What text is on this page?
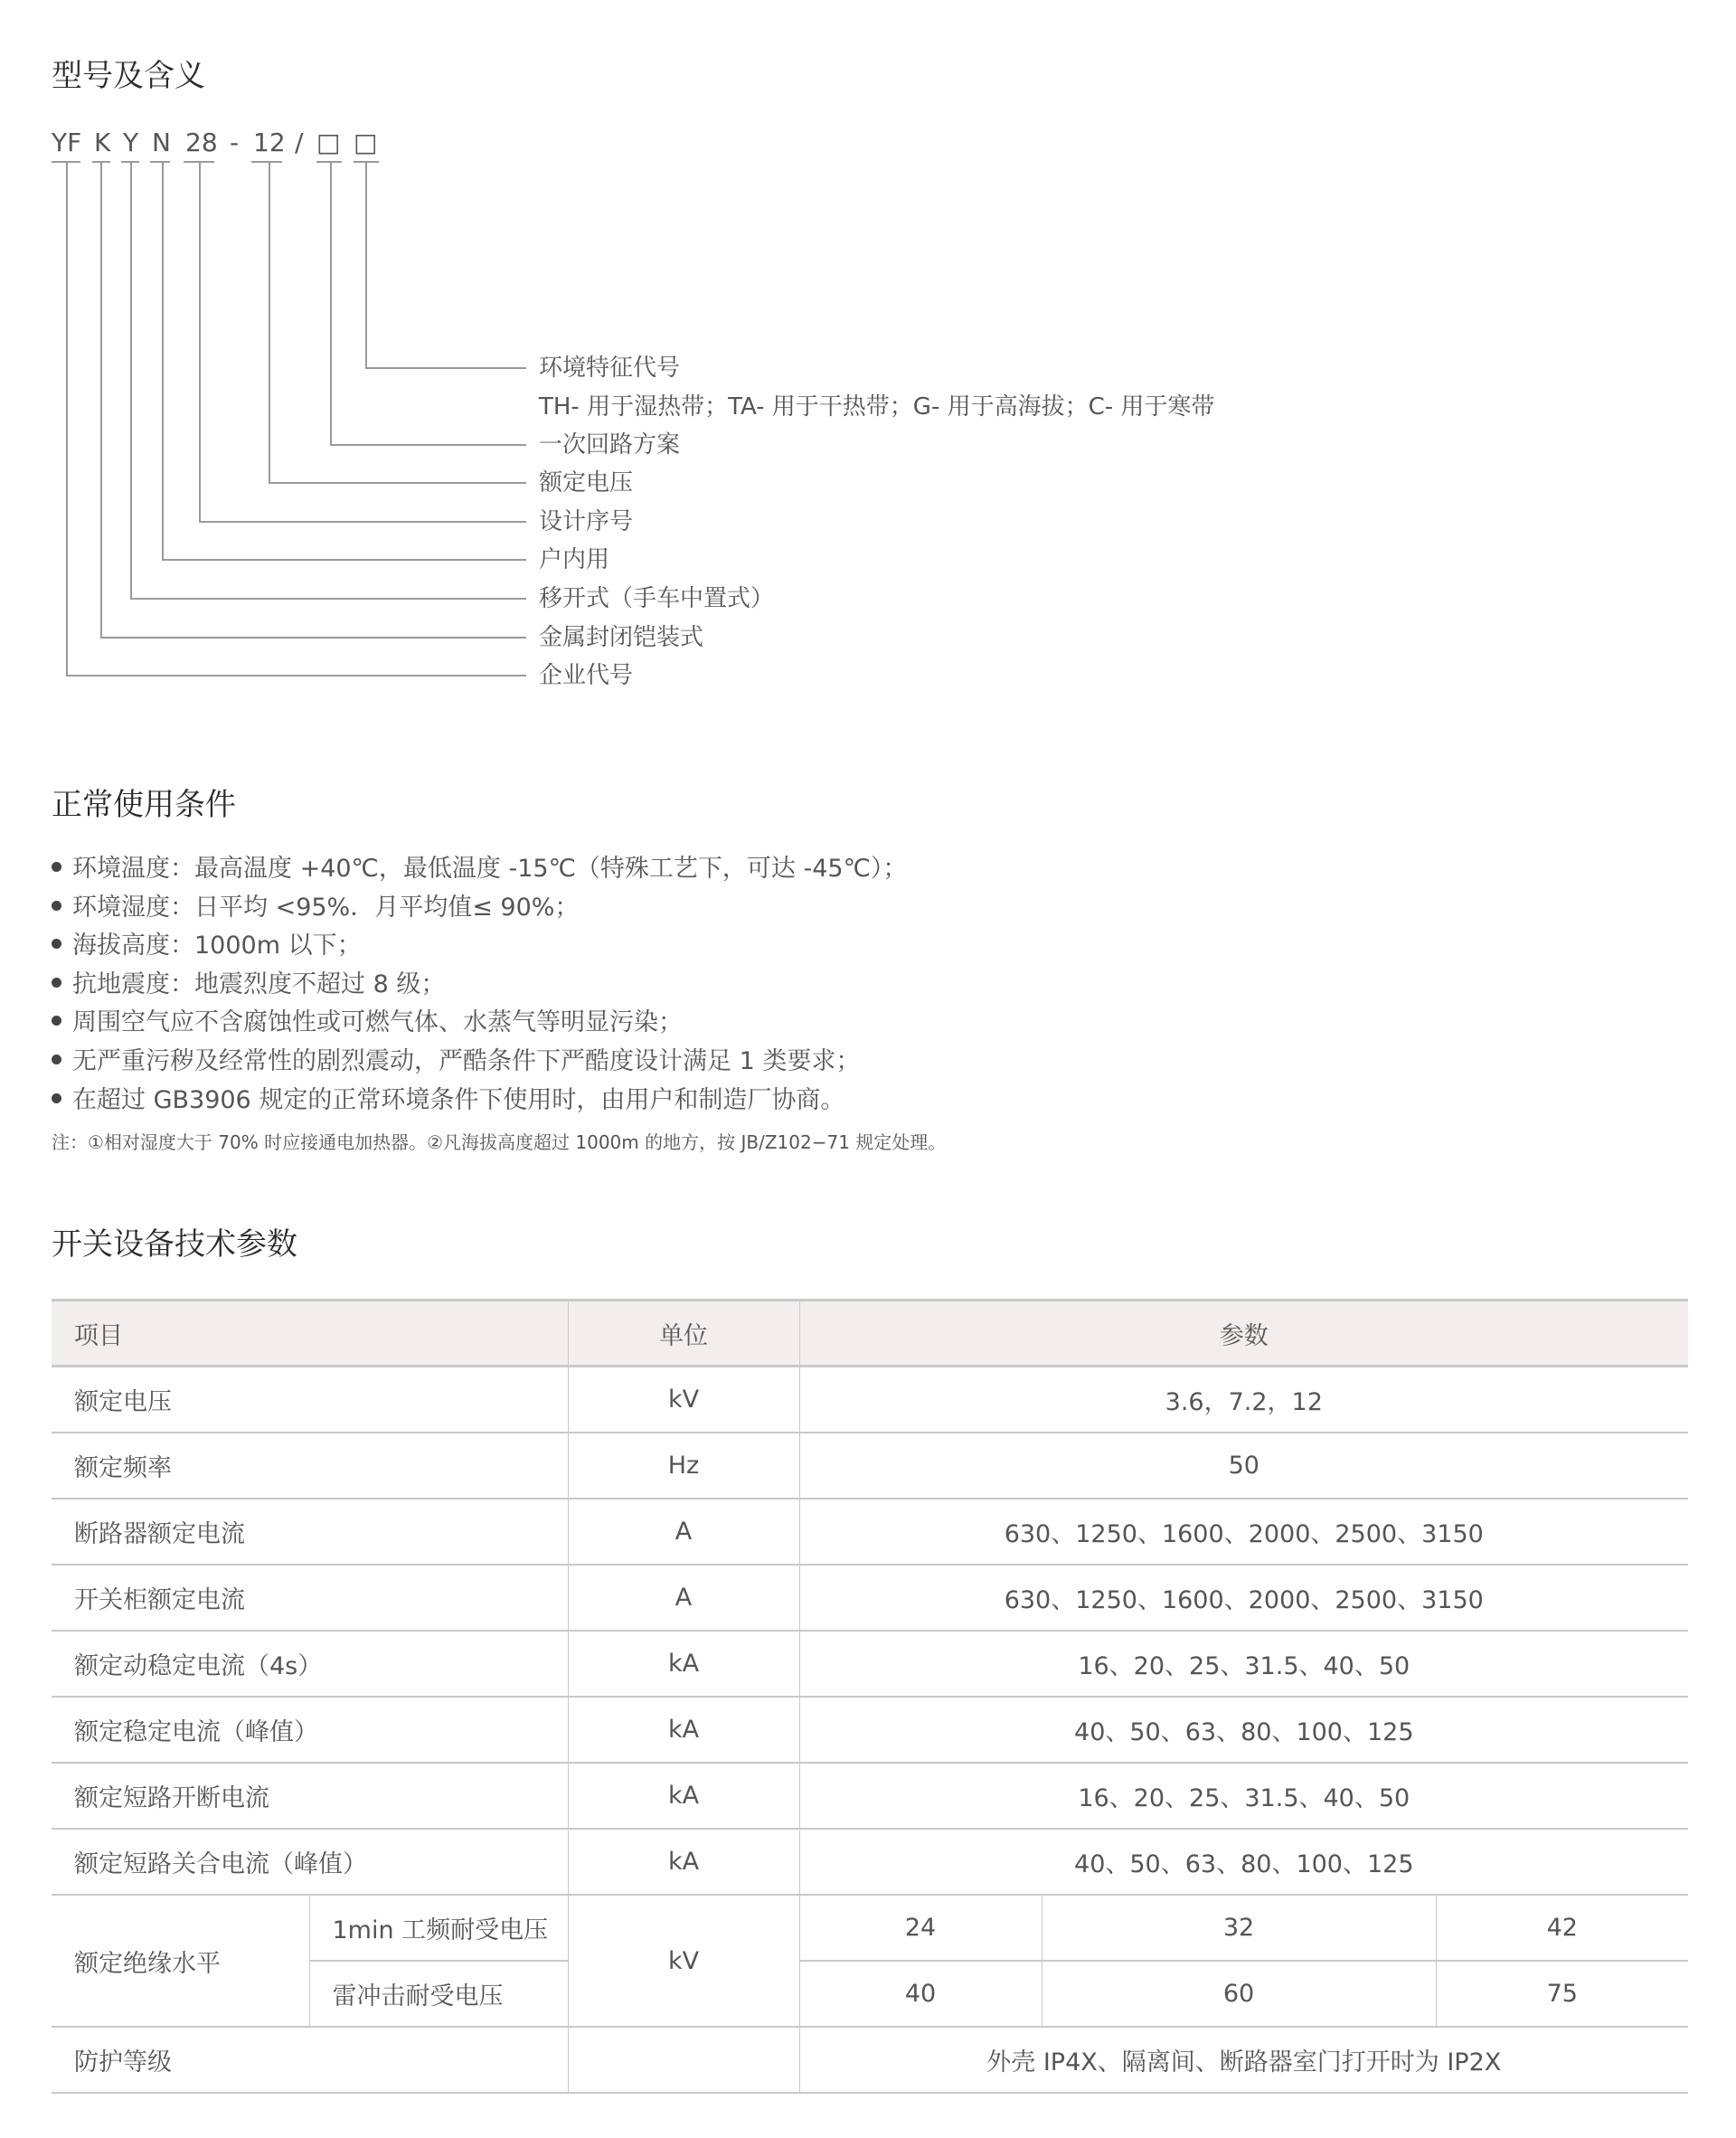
型号及含义
YF K Y N 28 - 12 / □ □
环境特征代号
TH- 用于湿热带；TA- 用于干热带；G- 用于高海拔；C- 用于寒带
一次回路方案
额定电压
设计序号
户内用
移开式（手车中置式）
金属封闭铠装式
企业代号
正常使用条件
环境温度：最高温度 +40℃，最低温度 -15℃（特殊工艺下，可达 -45℃）；
环境湿度：日平均 <95%．月平均值≤ 90%；
海拔高度：1000m 以下；
抗地震度：地震烈度不超过 8 级；
周围空气应不含腐蚀性或可燃气体、水蒸气等明显污染；
无严重污秽及经常性的剧烈震动，严酷条件下严酷度设计满足 1 类要求；
在超过 GB3906 规定的正常环境条件下使用时，由用户和制造厂协商。
注：①相对湿度大于 70% 时应接通电加热器。②凡海拔高度超过 1000m 的地方，按 JB/Z102−71 规定处理。
开关设备技术参数
项目		单位	参数		
额定电压		kV	3.6，7.2，12		
额定频率		Hz	50		
断路器额定电流		A	630、1250、1600、2000、2500、3150		
开关柜额定电流		A	630、1250、1600、2000、2500、3150		
额定动稳定电流（4s）		kA	16、20、25、31.5、40、50		
额定稳定电流（峰值）		kA	40、50、63、80、100、125		
额定短路开断电流		kA	16、20、25、31.5、40、50		
额定短路关合电流（峰值）		kA	40、50、63、80、100、125		
额定绝缘水平	1min 工频耐受电压	kV	24	32	42
	雷冲击耐受电压		40	60	75
防护等级			外壳 IP4X、隔离间、断路器室门打开时为 IP2X		
